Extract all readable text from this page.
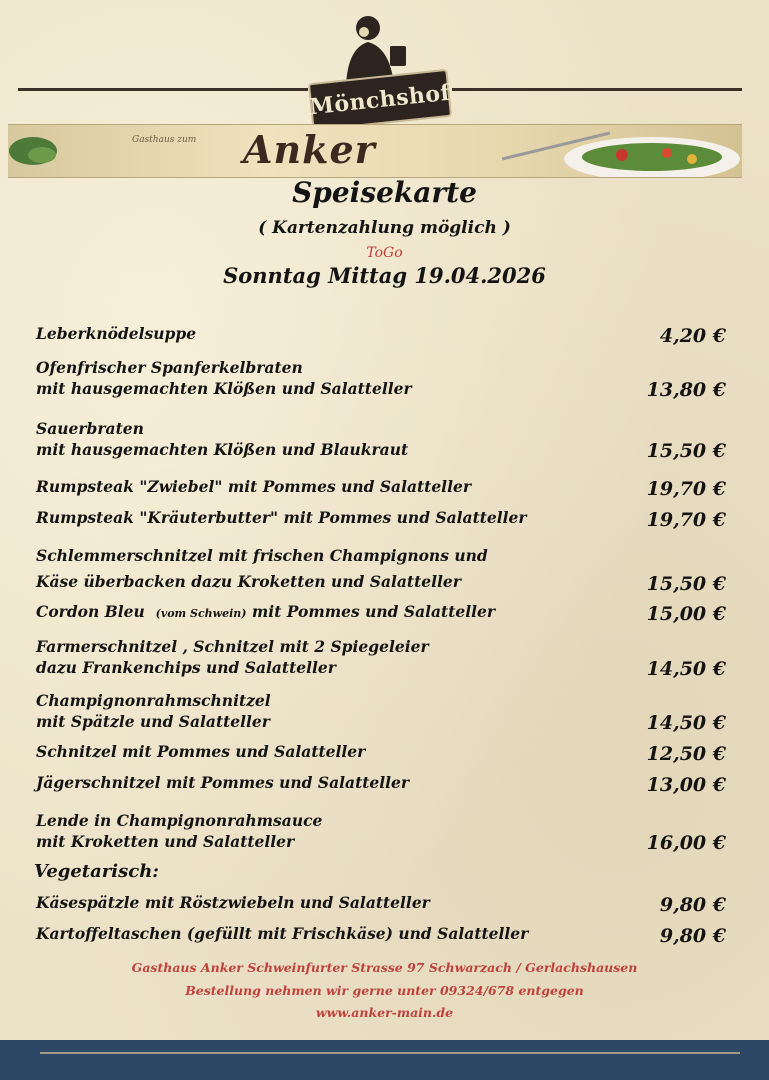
Mönchshof
Gasthaus zum Anker
Speisekarte
( Kartenzahlung möglich )
ToGo
Sonntag Mittag 19.04.2026
Leberknödelsuppe	4,20 €
Ofenfrischer Spanferkelbraten
mit hausgemachten Klößen und Salatteller	13,80 €
Sauerbraten
mit hausgemachten Klößen und Blaukraut	15,50 €
Rumpsteak "Zwiebel" mit Pommes und Salatteller	19,70 €
Rumpsteak "Kräuterbutter" mit Pommes und Salatteller	19,70 €
Schlemmerschnitzel mit frischen Champignons und
Käse überbacken dazu Kroketten und Salatteller	15,50 €
Cordon Bleu (vom Schwein) mit Pommes und Salatteller	15,00 €
Farmerschnitzel , Schnitzel mit 2 Spiegeleier
dazu Frankenchips und Salatteller	14,50 €
Champignonrahmschnitzel
mit Spätzle und Salatteller	14,50 €
Schnitzel mit Pommes und Salatteller	12,50 €
Jägerschnitzel mit Pommes und Salatteller	13,00 €
Lende in Champignonrahmsauce
mit Kroketten und Salatteller	16,00 €
Vegetarisch:
Käsespätzle mit Röstzwiebeln und Salatteller	9,80 €
Kartoffeltaschen (gefüllt mit Frischkäse) und Salatteller	9,80 €
Gasthaus Anker Schweinfurter Strasse 97 Schwarzach / Gerlachshausen
Bestellung nehmen wir gerne unter 09324/678 entgegen
www.anker-main.de
